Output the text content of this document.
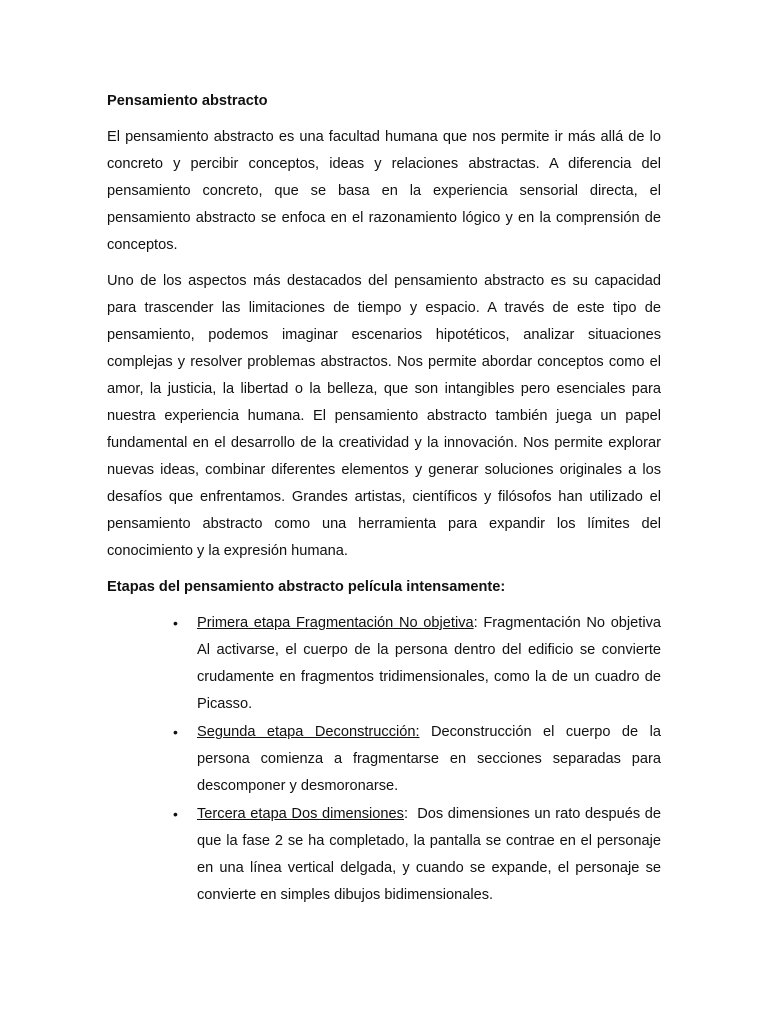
Pensamiento abstracto

El pensamiento abstracto es una facultad humana que nos permite ir más allá de lo concreto y percibir conceptos, ideas y relaciones abstractas. A diferencia del pensamiento concreto, que se basa en la experiencia sensorial directa, el pensamiento abstracto se enfoca en el razonamiento lógico y en la comprensión de conceptos.

Uno de los aspectos más destacados del pensamiento abstracto es su capacidad para trascender las limitaciones de tiempo y espacio. A través de este tipo de pensamiento, podemos imaginar escenarios hipotéticos, analizar situaciones complejas y resolver problemas abstractos. Nos permite abordar conceptos como el amor, la justicia, la libertad o la belleza, que son intangibles pero esenciales para nuestra experiencia humana. El pensamiento abstracto también juega un papel fundamental en el desarrollo de la creatividad y la innovación. Nos permite explorar nuevas ideas, combinar diferentes elementos y generar soluciones originales a los desafíos que enfrentamos. Grandes artistas, científicos y filósofos han utilizado el pensamiento abstracto como una herramienta para expandir los límites del conocimiento y la expresión humana.

Etapas del pensamiento abstracto película intensamente:
• Primera etapa Fragmentación No objetiva: Fragmentación No objetiva Al activarse, el cuerpo de la persona dentro del edificio se convierte crudamente en fragmentos tridimensionales, como la de un cuadro de Picasso.
• Segunda etapa Deconstrucción: Deconstrucción el cuerpo de la persona comienza a fragmentarse en secciones separadas para descomponer y desmoronarse.
• Tercera etapa Dos dimensiones:  Dos dimensiones un rato después de que la fase 2 se ha completado, la pantalla se contrae en el personaje en una línea vertical delgada, y cuando se expande, el personaje se convierte en simples dibujos bidimensionales.
